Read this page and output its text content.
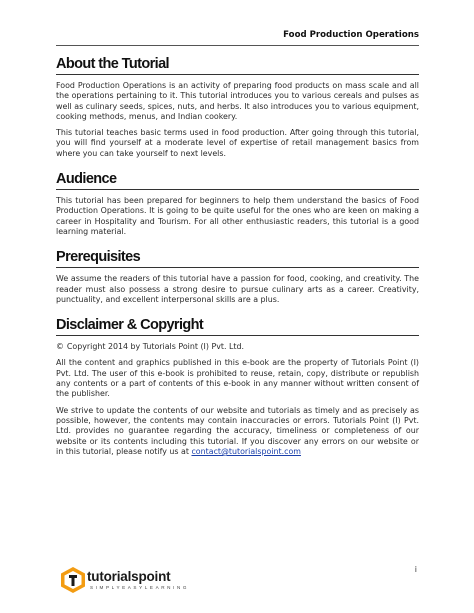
Food Production Operations
About the Tutorial

Food Production Operations is an activity of preparing food products on mass scale and all the operations pertaining to it. This tutorial introduces you to various cereals and pulses as well as culinary seeds, spices, nuts, and herbs. It also introduces you to various equipment, cooking methods, menus, and Indian cookery.

This tutorial teaches basic terms used in food production. After going through this tutorial, you will find yourself at a moderate level of expertise of retail management basics from where you can take yourself to next levels.

Audience

This tutorial has been prepared for beginners to help them understand the basics of Food Production Operations. It is going to be quite useful for the ones who are keen on making a career in Hospitality and Tourism. For all other enthusiastic readers, this tutorial is a good learning material.

Prerequisites

We assume the readers of this tutorial have a passion for food, cooking, and creativity. The reader must also possess a strong desire to pursue culinary arts as a career. Creativity, punctuality, and excellent interpersonal skills are a plus.

Disclaimer & Copyright

© Copyright 2014 by Tutorials Point (I) Pvt. Ltd.

All the content and graphics published in this e-book are the property of Tutorials Point (I) Pvt. Ltd. The user of this e-book is prohibited to reuse, retain, copy, distribute or republish any contents or a part of contents of this e-book in any manner without written consent of the publisher.

We strive to update the contents of our website and tutorials as timely and as precisely as possible, however, the contents may contain inaccuracies or errors. Tutorials Point (I) Pvt. Ltd. provides no guarantee regarding the accuracy, timeliness or completeness of our website or its contents including this tutorial. If you discover any errors on our website or in this tutorial, please notify us at contact@tutorialspoint.com

i
tutorialspoint
SIMPLYEASYLEARNING
